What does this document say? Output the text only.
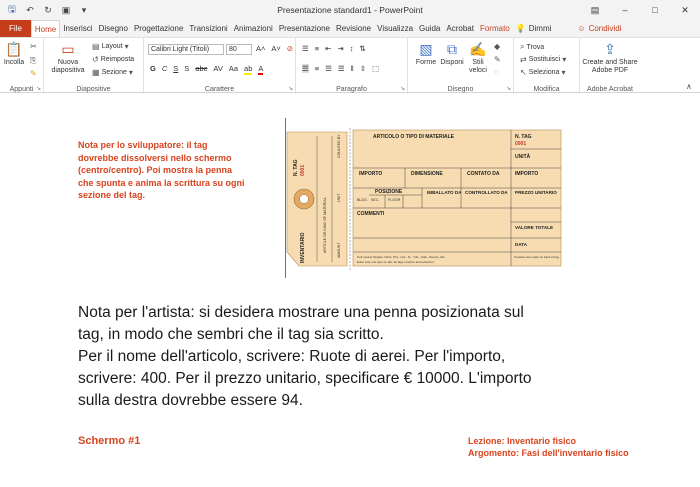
🖫 ↶ ↻ ▣	▾	Presentazione standard1 - PowerPoint	▤	–	□	✕
File	Home Inserisci Disegno Progettazione Transizioni Animazioni Presentazione Revisione Visualizza Guida Acrobat Formato 💡 Dimmi	☺ Condividi
📋
Incolla
✂
⎘
✎
Appunti ↘
▭
Nuova diapositiva
▤ Layout ▾
↺ Reimposta
▦ Sezione ▾
Diapositive
Calibri Light (Titoli)	80	A˄ A˅ ⊘
G C S S abc AV Aa ab A
Carattere	↘
☰ ≡ ⇤ ⇥ ↕ ⇅
☰ ≡ ☰ ☰ ‖ ⇳ ⬚
Paragrafo	↘
▧
Forme
⧉
Disponi
✍
Stili veloci
◆
✎
◌
Disegno	↘
⌕ Trova
⇄ Sostituisci ▾
↖ Seleziona ▾
Modifica
⇪
Create and Share Adobe PDF
Adobe Acrobat	∧
Nota per lo sviluppatore: il tag dovrebbe dissolversi nello schermo (centro/centro). Poi mostra la penna che spunta e anima la scrittura su ogni sezione del tag.
N. TAG 0001
INVENTARIO	ARTICLE OR KIND OF MATERIAL
COUNTED BY
UNIT
AMOUNT
ARTICOLO O TIPO DI MATERIALE	N. TAG
0001
UNITÀ
IMPORTO	DIMENSIONE	CONTATO DA	IMPORTO
POSIZIONE
BLDG. SEC. FLOOR
IMBALLATO DA CONTROLLATO DA PREZZO UNITARIO
COMMENTI
VALORE TOTALE
DATA
Unit means Singles, Pairs, Pcs., Lbs., Ft., Yds., Gals., Rooms, Etc.
Enter only one item on tab. All tags must be accounted for.
If retains are made on back of tag
Nota per l'artista: si desidera mostrare una penna posizionata sul
tag, in modo che sembri che il tag sia scritto.
Per il nome dell'articolo, scrivere: Ruote di aerei. Per l'importo,
scrivere: 400. Per il prezzo unitario, specificare € 10000. L'importo
sulla destra dovrebbe essere 94.
Schermo #1	Lezione: Inventario fisico
Argomento: Fasi dell'inventario fisico
